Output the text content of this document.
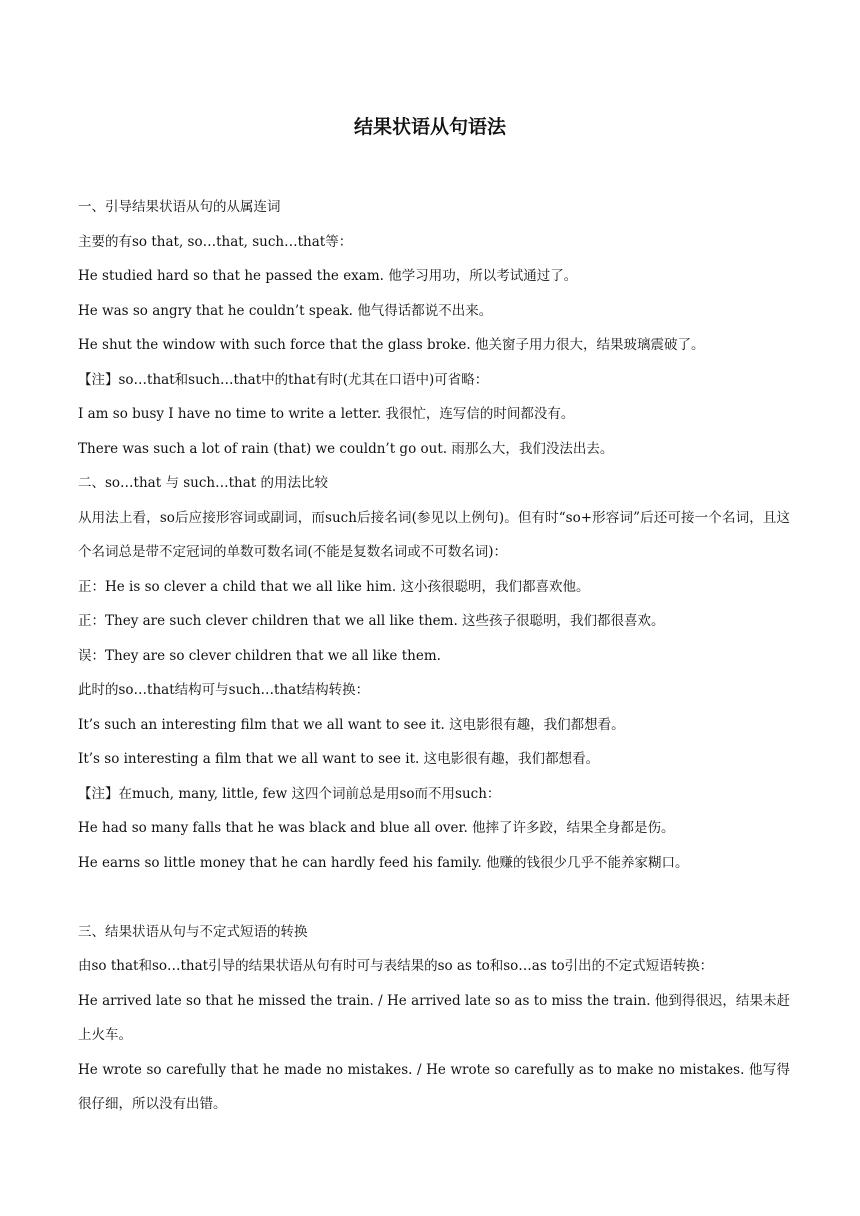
结果状语从句语法

一、引导结果状语从句的从属连词

主要的有so that, so…that, such…that等：

He studied hard so that he passed the exam. 他学习用功，所以考试通过了。

He was so angry that he couldn’t speak. 他气得话都说不出来。

He shut the window with such force that the glass broke. 他关窗子用力很大，结果玻璃震破了。

【注】so…that和such…that中的that有时(尤其在口语中)可省略：

I am so busy I have no time to write a letter. 我很忙，连写信的时间都没有。

There was such a lot of rain (that) we couldn’t go out. 雨那么大，我们没法出去。

二、so…that 与 such…that 的用法比较

从用法上看，so后应接形容词或副词，而such后接名词(参见以上例句)。但有时“so+形容词”后还可接一个名词，且这个名词总是带不定冠词的单数可数名词(不能是复数名词或不可数名词)：

正：He is so clever a child that we all like him. 这小孩很聪明，我们都喜欢他。

正：They are such clever children that we all like them. 这些孩子很聪明，我们都很喜欢。

误：They are so clever children that we all like them.

此时的so…that结构可与such…that结构转换：

It’s such an interesting film that we all want to see it. 这电影很有趣，我们都想看。

It’s so interesting a film that we all want to see it. 这电影很有趣，我们都想看。

【注】在much, many, little, few 这四个词前总是用so而不用such：

He had so many falls that he was black and blue all over. 他摔了许多跤，结果全身都是伤。

He earns so little money that he can hardly feed his family. 他赚的钱很少几乎不能养家糊口。

三、结果状语从句与不定式短语的转换

由so that和so…that引导的结果状语从句有时可与表结果的so as to和so…as to引出的不定式短语转换：

He arrived late so that he missed the train. / He arrived late so as to miss the train. 他到得很迟，结果未赶上火车。

He wrote so carefully that he made no mistakes. / He wrote so carefully as to make no mistakes. 他写得很仔细，所以没有出错。
